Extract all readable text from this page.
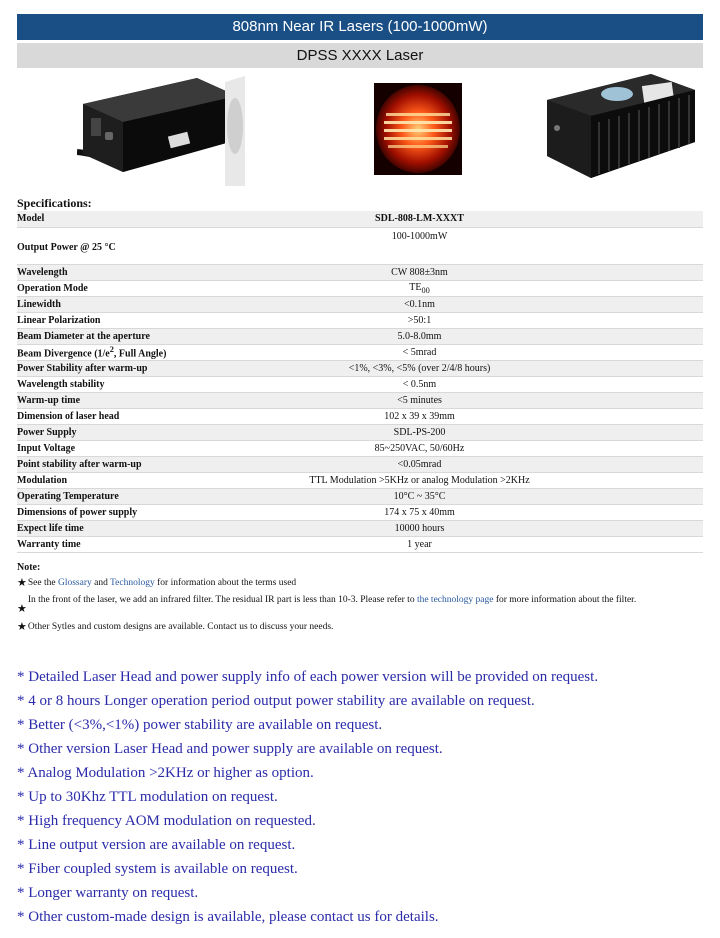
808nm Near IR Lasers (100-1000mW)
DPSS XXXX Laser
Specifications:
Model	SDL-808-LM-XXXT
Output Power @ 25 °C	100-1000mW
Wavelength	CW 808±3nm
Operation Mode	$TE_{00}$
Linewidth	<0.1nm
Linear Polarization	>50:1
Beam Diameter at the aperture	5.0-8.0mm
Beam Divergence ($1/e^2$, Full Angle)	< 5mrad
Power Stability after warm-up	<1%, <3%, <5% (over 2/4/8 hours)
Wavelength stability	< 0.5nm
Warm-up time	<5 minutes
Dimension of laser head	102 x 39 x 39mm
Power Supply	SDL-PS-200
Input Voltage	85~250VAC, 50/60Hz
Point stability after warm-up	<0.05mrad
Modulation	TTL Modulation >5KHz or analog Modulation >2KHz
Operating Temperature	10°C ~ 35°C
Dimensions of power supply	174 x 75 x 40mm
Expect life time	10000 hours
Warranty time	1 year
Note:
★ See the Glossary and Technology for information about the terms used
★
In the front of the laser, we add an infrared filter. The residual IR part is less than 10-3. Please refer to the technology page for more information about the filter.
★ Other Sytles and custom designs are available. Contact us to discuss your needs.
* Detailed Laser Head and power supply info of each power version will be provided on request.
* 4 or 8 hours Longer operation period output power stability are available on request.
* Better (<3%,<1%) power stability are available on request.
* Other version Laser Head and power supply are available on request.
* Analog Modulation >2KHz or higher as option.
* Up to 30Khz TTL modulation on request.
* High frequency AOM modulation on requested.
* Line output version are available on request.
* Fiber coupled system is available on request.
* Longer warranty on request.
* Other custom-made design is available, please contact us for details.
